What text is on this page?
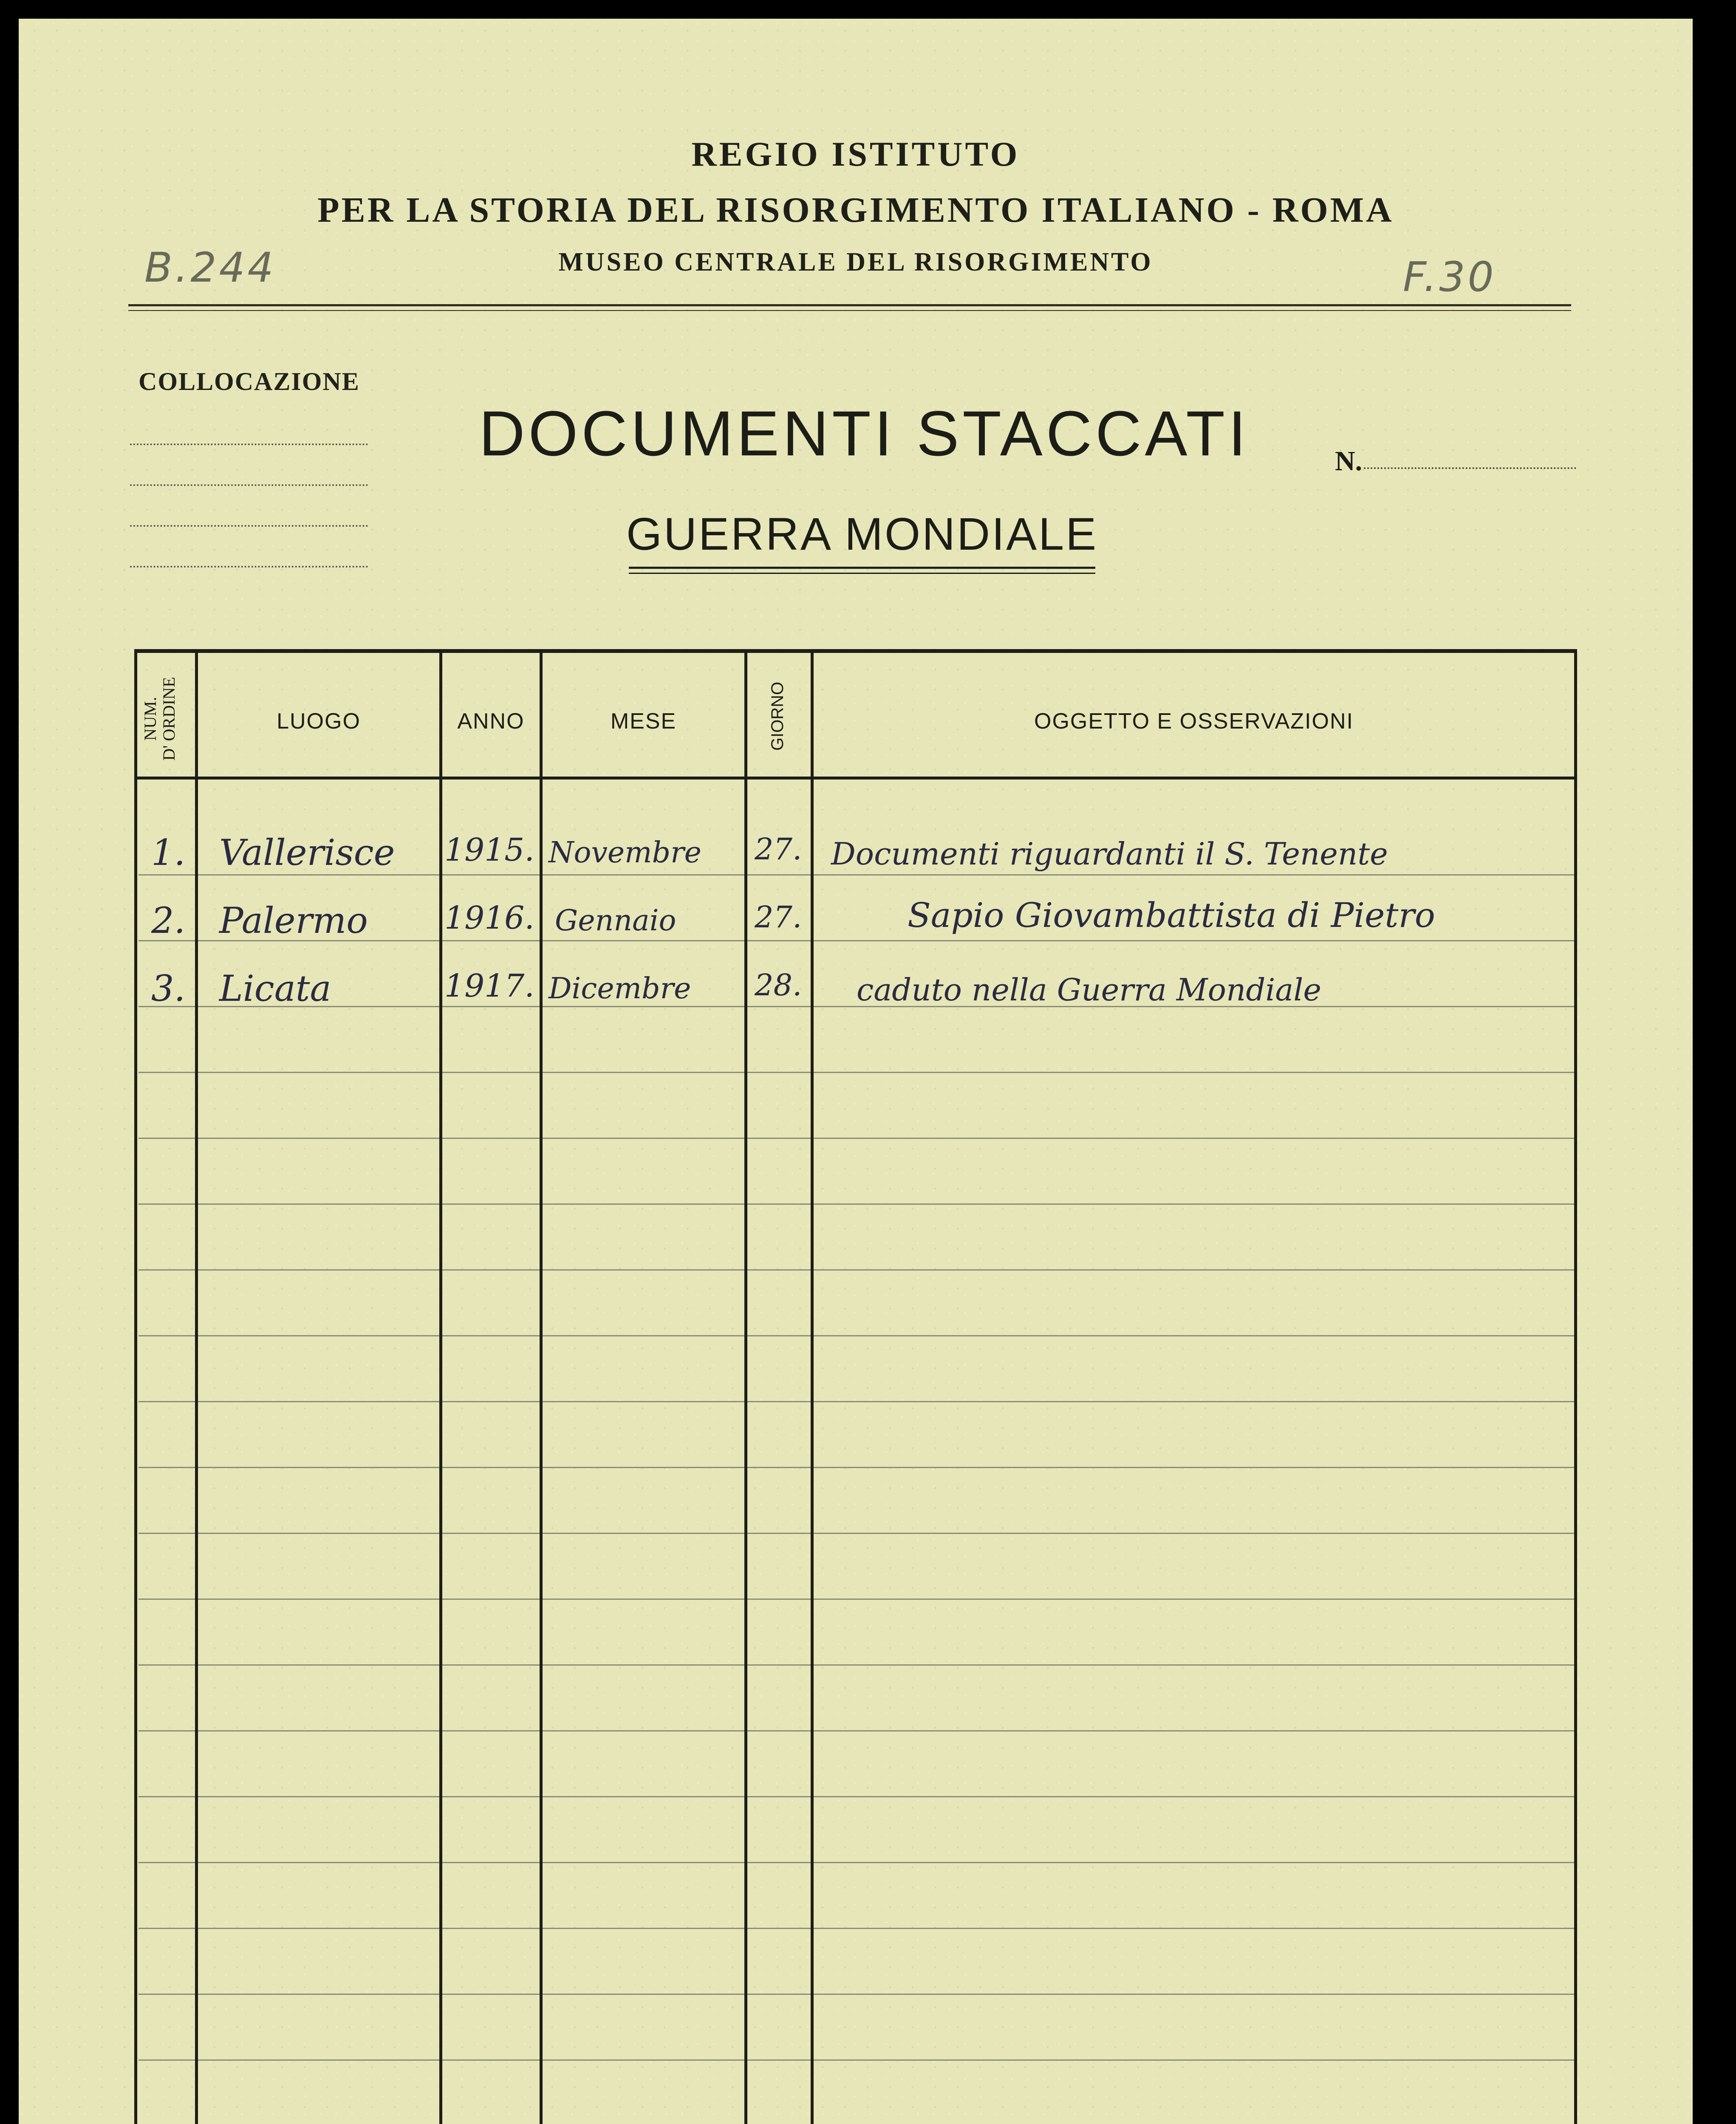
REGIO ISTITUTO
PER LA STORIA DEL RISORGIMENTO ITALIANO - ROMA
MUSEO CENTRALE DEL RISORGIMENTO
B.244	F.30
COLLOCAZIONE
DOCUMENTI STACCATI
GUERRA MONDIALE
N.
NUM. D' ORDINE	LUOGO	ANNO	MESE	GIORNO	OGGETTO E OSSERVAZIONI
1. Vallerisce 1915. Novembre 27. Documenti riguardanti il S. Tenente
2. Palermo 1916. Gennaio	27.	Sapio Giovambattista di Pietro
3. Licata	1917. Dicembre 28. caduto nella Guerra Mondiale
